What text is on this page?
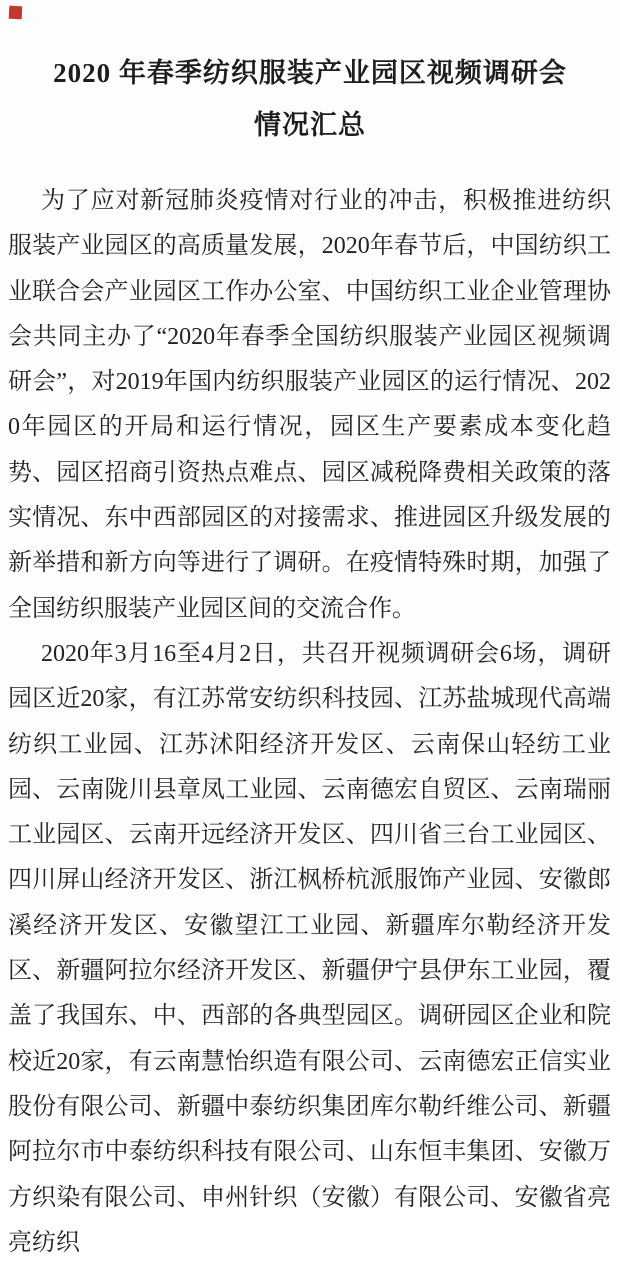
2020 年春季纺织服装产业园区视频调研会
情况汇总

为了应对新冠肺炎疫情对行业的冲击，积极推进纺织服装产业园区的高质量发展，2020年春节后，中国纺织工业联合会产业园区工作办公室、中国纺织工业企业管理协会共同主办了“2020年春季全国纺织服装产业园区视频调研会”，对2019年国内纺织服装产业园区的运行情况、2020年园区的开局和运行情况，园区生产要素成本变化趋势、园区招商引资热点难点、园区减税降费相关政策的落实情况、东中西部园区的对接需求、推进园区升级发展的新举措和新方向等进行了调研。在疫情特殊时期，加强了全国纺织服装产业园区间的交流合作。

2020年3月16至4月2日，共召开视频调研会6场，调研园区近20家，有江苏常安纺织科技园、江苏盐城现代高端纺织工业园、江苏沭阳经济开发区、云南保山轻纺工业园、云南陇川县章凤工业园、云南德宏自贸区、云南瑞丽工业园区、云南开远经济开发区、四川省三台工业园区、四川屏山经济开发区、浙江枫桥杭派服饰产业园、安徽郎溪经济开发区、安徽望江工业园、新疆库尔勒经济开发区、新疆阿拉尔经济开发区、新疆伊宁县伊东工业园，覆盖了我国东、中、西部的各典型园区。调研园区企业和院校近20家，有云南慧怡织造有限公司、云南德宏正信实业股份有限公司、新疆中泰纺织集团库尔勒纤维公司、新疆阿拉尔市中泰纺织科技有限公司、山东恒丰集团、安徽万方织染有限公司、申州针织（安徽）有限公司、安徽省亮亮纺织
